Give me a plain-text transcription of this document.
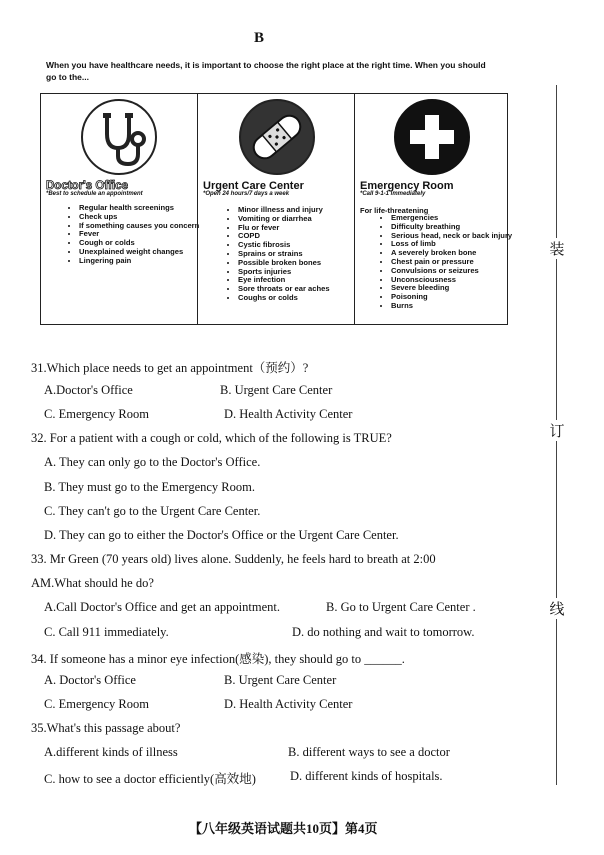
B
When you have healthcare needs, it is important to choose the right place at the right time. When you should go to the...
Doctor's Office
*Best to schedule an appointment
• Regular health screenings
• Check ups
• If something causes you concern
• Fever
• Cough or colds
• Unexplained weight changes
• Lingering pain
Urgent Care Center
*Open 24 hours/7 days a week
• Minor illness and injury
• Vomiting or diarrhea
• Flu or fever
• COPD
• Cystic fibrosis
• Sprains or strains
• Possible broken bones
• Sports injuries
• Eye infection
• Sore throats or ear aches
• Coughs or colds
Emergency Room
*Call 9-1-1 immediately
For life-threatening
• Emergencies
• Difficulty breathing
• Serious head, neck or back injury
• Loss of limb
• A severely broken bone
• Chest pain or pressure
• Convulsions or seizures
• Unconsciousness
• Severe bleeding
• Poisoning
• Burns
31.Which place needs to get an appointment（预约）?
A.Doctor's Office	B. Urgent Care Center
C. Emergency Room	D. Health Activity Center
32. For a patient with a cough or cold, which of the following is TRUE?
A. They can only go to the Doctor's Office.
B. They must go to the Emergency Room.
C. They can't go to the Urgent Care Center.
D. They can go to either the Doctor's Office or the Urgent Care Center.
33. Mr Green (70 years old) lives alone. Suddenly, he feels hard to breath at 2:00
AM.What should he do?
A.Call Doctor's Office and get an appointment.	B. Go to Urgent Care Center .
C. Call 911 immediately.	D. do nothing and wait to tomorrow.
34. If someone has a minor eye infection(感染), they should go to ______.
A. Doctor's Office	B. Urgent Care Center
C. Emergency Room	D. Health Activity Center
35.What's this passage about?
A.different kinds of illness	B. different ways to see a doctor
C. how to see a doctor efficiently(高效地)	D. different kinds of hospitals.
装
订
线
【八年级英语试题共10页】第4页
